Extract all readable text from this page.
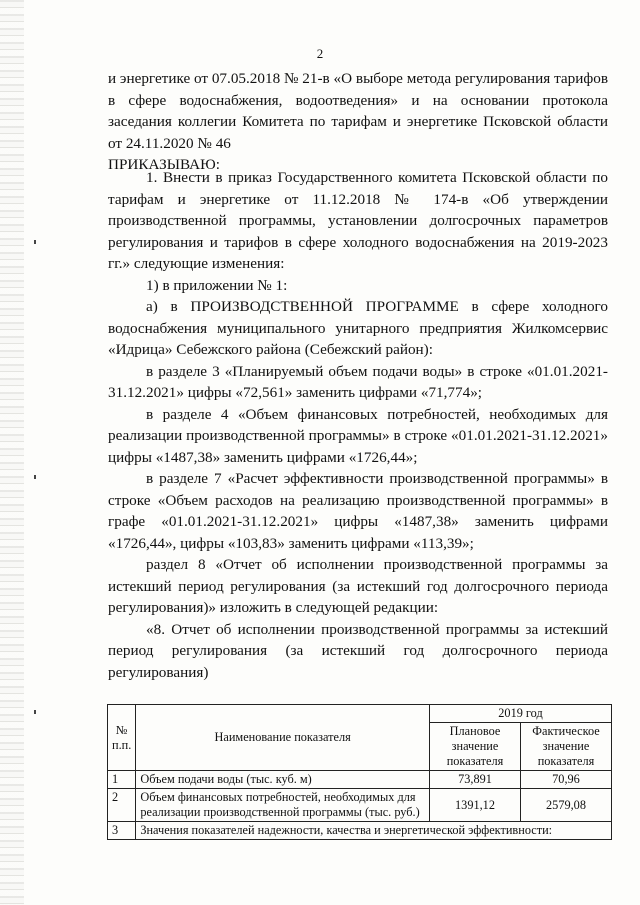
2

и энергетике от 07.05.2018 № 21-в «О выборе метода регулирования тарифов в сфере водоснабжения, водоотведения» и на основании протокола заседания коллегии Комитета по тарифам и энергетике Псковской области от 24.11.2020 № 46

ПРИКАЗЫВАЮ:

1. Внести в приказ Государственного комитета Псковской области по тарифам и энергетике от 11.12.2018 № 174-в «Об утверждении производственной программы, установлении долгосрочных параметров регулирования и тарифов в сфере холодного водоснабжения на 2019-2023 гг.» следующие изменения:

1) в приложении № 1:

а) в ПРОИЗВОДСТВЕННОЙ ПРОГРАММЕ в сфере холодного водоснабжения муниципального унитарного предприятия Жилкомсервис «Идрица» Себежского района (Себежский район):

в разделе 3 «Планируемый объем подачи воды» в строке «01.01.2021-31.12.2021» цифры «72,561» заменить цифрами «71,774»;

в разделе 4 «Объем финансовых потребностей, необходимых для реализации производственной программы» в строке «01.01.2021-31.12.2021» цифры «1487,38» заменить цифрами «1726,44»;

в разделе 7 «Расчет эффективности производственной программы» в строке «Объем расходов на реализацию производственной программы» в графе «01.01.2021-31.12.2021» цифры «1487,38» заменить цифрами «1726,44», цифры «103,83» заменить цифрами «113,39»;

раздел 8 «Отчет об исполнении производственной программы за истекший период регулирования (за истекший год долгосрочного периода регулирования)» изложить в следующей редакции:

«8. Отчет об исполнении производственной программы за истекший период регулирования (за истекший год долгосрочного периода регулирования)

№ п.п.	Наименование показателя	2019 год	
		Плановое значение показателя	Фактическое значение показателя
1	Объем подачи воды (тыс. куб. м)	73,891	70,96
2	Объем финансовых потребностей, необходимых для реализации производственной программы (тыс. руб.)	1391,12	2579,08
3	Значения показателей надежности, качества и энергетической эффективности:		
